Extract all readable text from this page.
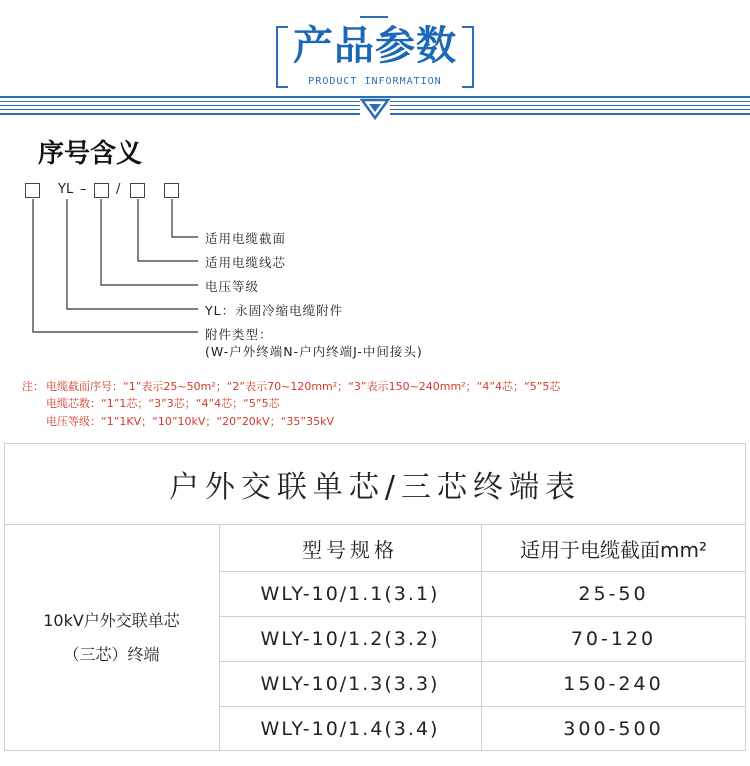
产品参数
PRODUCT INFORMATION
序号含义
YL – /
适用电缆截面
适用电缆线芯
电压等级
YL：永固冷缩电缆附件
附件类型：
(W-户外终端N-户内终端J-中间接头)
注： 电缆截面序号：“1”表示25~50m²；“2”表示70~120mm²；“3”表示150~240mm²；“4”4芯；“5”5芯
电缆芯数：“1”1芯；“3”3芯；“4”4芯；“5”5芯
电压等级：“1”1KV；“10”10kV；“20”20kV；“35”35kV
户外交联单芯/三芯终端表
型号规格	适用于电缆截面mm²
10kV户外交联单芯
（三芯）终端
WLY-10/1.1(3.1)	25-50
WLY-10/1.2(3.2)	70-120
WLY-10/1.3(3.3)	150-240
WLY-10/1.4(3.4)	300-500
